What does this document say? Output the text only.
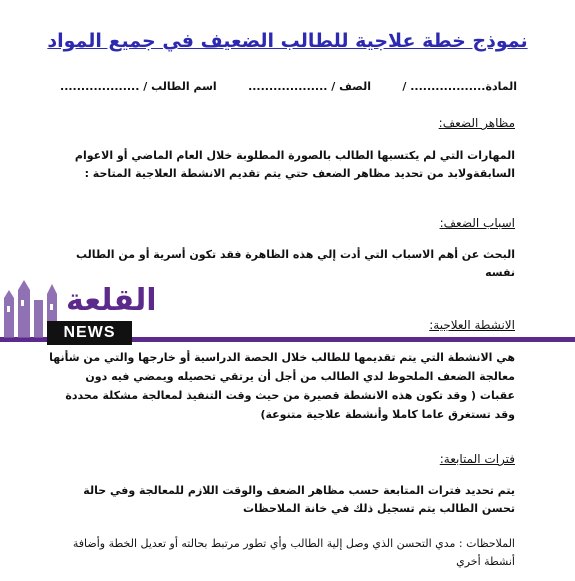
نموذج خطة علاجية للطالب الضعيف في جميع المواد
اسم الطالب / ...................	الصف / ...................	المادة.................. /
مظاهر الضعف:
المهارات التي لم يكتسبها الطالب بالصورة المطلوبة خلال العام الماضي أو الاعوام السابقةولابد من تحديد مظاهر الضعف حتي يتم تقديم الانشطة العلاجية المتاحة :
اسباب الضعف:
البحث عن أهم الاسباب التي أدت إلي هذه الظاهرة فقد تكون أسرية أو من الطالب نفسه
الانشطة العلاجية:
هي الانشطة التي يتم تقديمها للطالب خلال الحصة الدراسية أو خارجها والتي من شأنها معالجة الضعف الملحوظ لدي الطالب من أجل أن يرتقي تحصيله ويمضي فيه دون عقبات ( وقد تكون هذه الانشطة قصيرة من حيث وقت التنفيذ لمعالجة مشكلة محددة وقد تستغرق عاما كاملا وأنشطة علاجية متنوعة)
فترات المتابعة:
يتم تحديد فترات المتابعة حسب مظاهر الضعف والوقت اللازم للمعالجة وفي حالة تحسن الطالب يتم تسجيل ذلك في خانة الملاحظات
الملاحظات : مدي التحسن الذي وصل إلية الطالب وأي تطور مرتبط بحالته أو تعديل الخطة وأضافة أنشطة أخري
القلعة
NEWS
